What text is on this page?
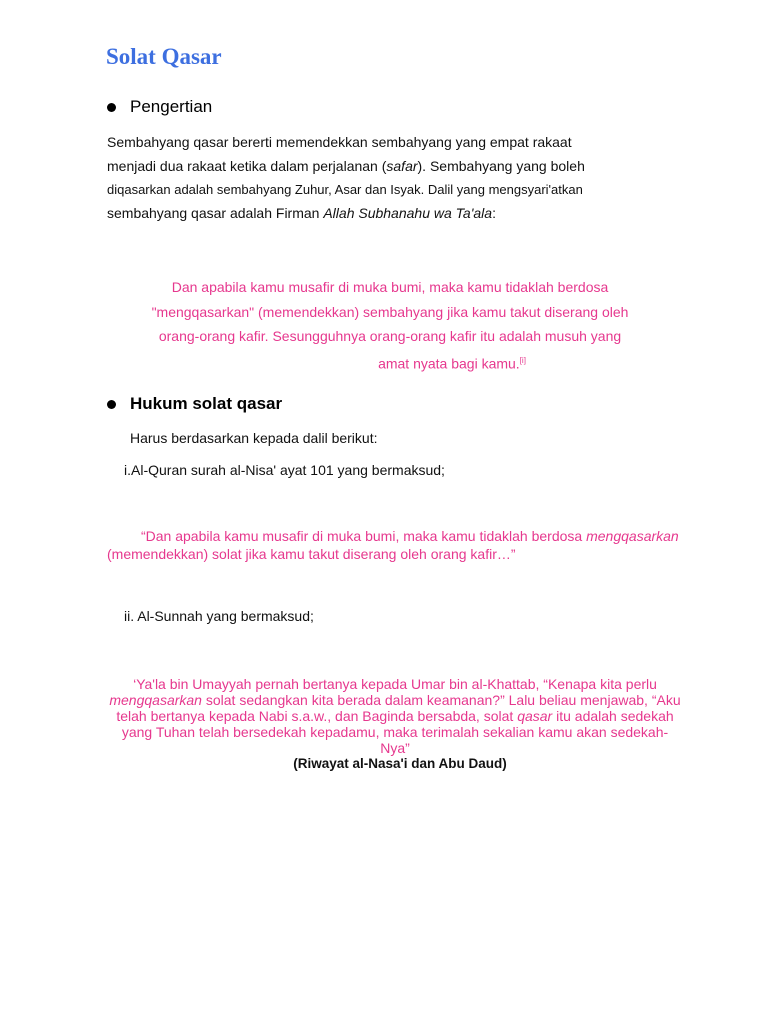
Solat Qasar
Pengertian

Sembahyang qasar bererti memendekkan sembahyang yang empat rakaat

menjadi dua rakaat ketika dalam perjalanan (safar). Sembahyang yang boleh

diqasarkan adalah sembahyang Zuhur, Asar dan Isyak. Dalil yang mengsyari'atkan

sembahyang qasar adalah Firman Allah Subhanahu wa Ta'ala:

Dan apabila kamu musafir di muka bumi, maka kamu tidaklah berdosa

"mengqasarkan" (memendekkan) sembahyang jika kamu takut diserang oleh

orang-orang kafir. Sesungguhnya orang-orang kafir itu adalah musuh yang

amat nyata bagi kamu.[i]

Hukum solat qasar
Harus berdasarkan kepada dalil berikut:
i.Al-Quran surah al-Nisa' ayat 101 yang bermaksud;

“Dan apabila kamu musafir di muka bumi, maka kamu tidaklah berdosa mengqasarkan

(memendekkan) solat jika kamu takut diserang oleh orang kafir…”

ii. Al-Sunnah yang bermaksud;

‘Ya'la bin Umayyah pernah bertanya kepada Umar bin al-Khattab, “Kenapa kita perlu

mengqasarkan solat sedangkan kita berada dalam keamanan?” Lalu beliau menjawab, “Aku

telah bertanya kepada Nabi s.a.w., dan Baginda bersabda, solat qasar itu adalah sedekah

yang Tuhan telah bersedekah kepadamu, maka terimalah sekalian kamu akan sedekah-

Nya”

(Riwayat al-Nasa'i dan Abu Daud)
